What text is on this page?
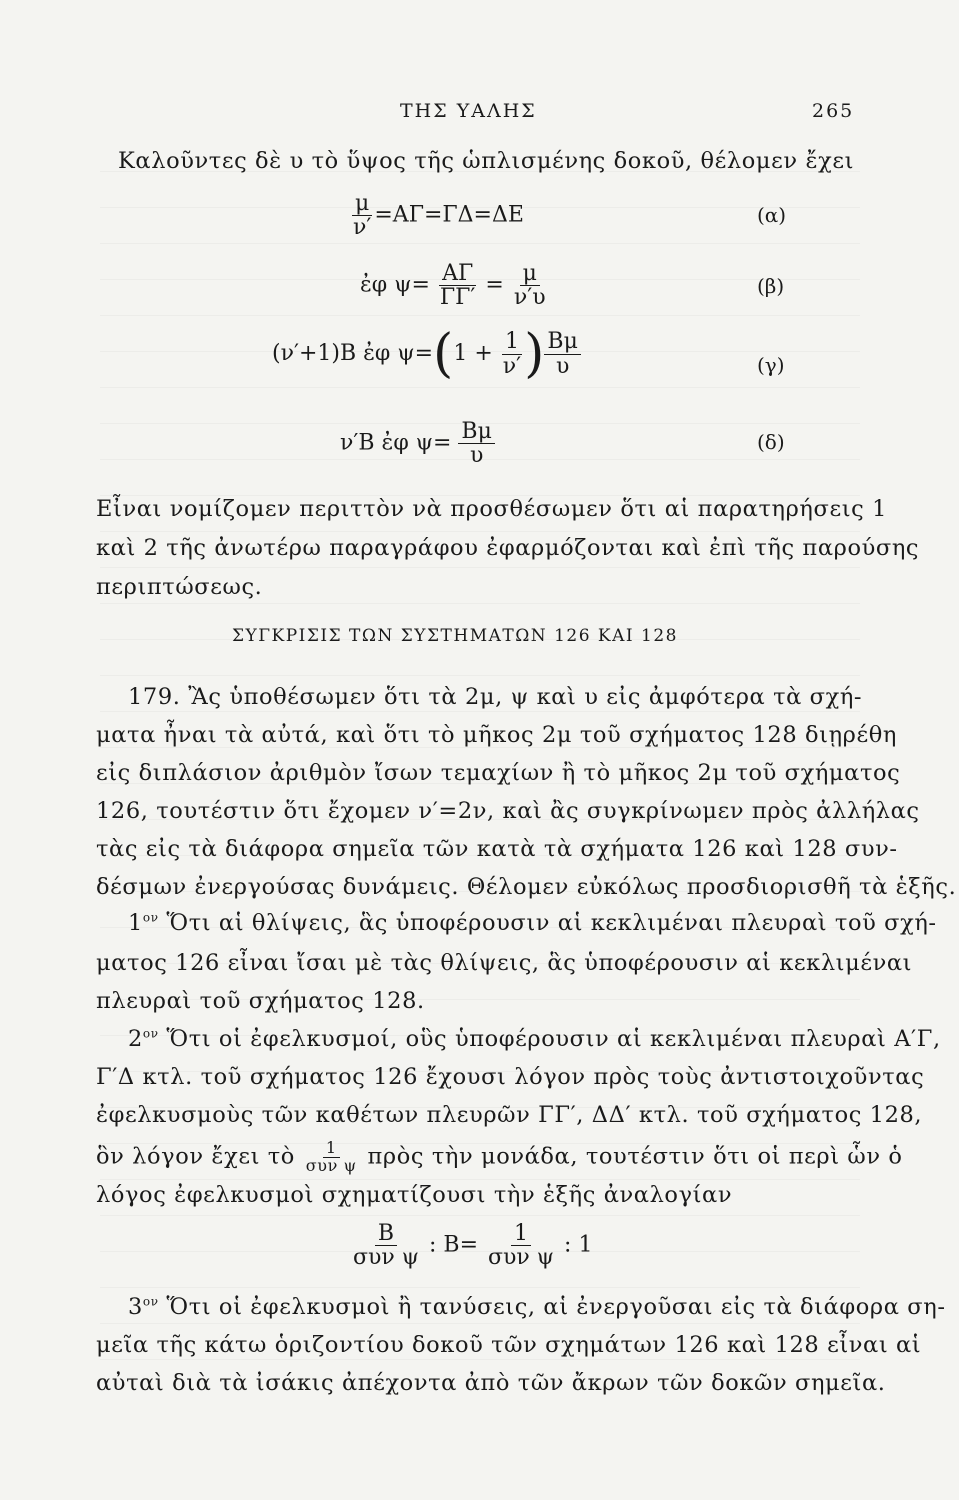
ΤΗΣ ΥΑΛΗΣ	265
Καλοῦντες δὲ υ τὸ ὕψος τῆς ὡπλισμένης δοκοῦ, θέλομεν ἔχει
$\frac{\mu}{\nu'} =A\Gamma=\Gamma\Delta=\Delta E$	(α)
ἐφ $\psi= \frac{A\Gamma}{\Gamma\Gamma'} = \frac{\mu}{\nu'\upsilon}$	(β)
(ν′+1)Β ἐφ $\psi=(1 + \frac{1}{\nu'}$ ) $\frac{B\mu}{\upsilon}$	(γ)
ν′Β ἐφ $\psi= \frac{B\mu}{\upsilon}$	(δ)
Εἶναι νομίζομεν περιττὸν νὰ προσθέσωμεν ὅτι αἱ παρατηρήσεις 1
καὶ 2 τῆς ἀνωτέρω παραγράφου ἐφαρμόζονται καὶ ἐπὶ τῆς παρούσης
περιπτώσεως.
ΣΥΓΚΡΙΣΙΣ ΤΩΝ ΣΥΣΤΗΜΑΤΩΝ 126 ΚΑΙ 128
179. Ἂς ὑποθέσωμεν ὅτι τὰ 2μ, ψ καὶ υ εἰς ἀμφότερα τὰ σχή-
ματα ἦναι τὰ αὐτά, καὶ ὅτι τὸ μῆκος 2μ τοῦ σχήματος 128 διῃρέθη
εἰς διπλάσιον ἀριθμὸν ἴσων τεμαχίων ἢ τὸ μῆκος 2μ τοῦ σχήματος
126, τουτέστιν ὅτι ἔχομεν ν′=2ν, καὶ ἂς συγκρίνωμεν πρὸς ἀλλήλας
τὰς εἰς τὰ διάφορα σημεῖα τῶν κατὰ τὰ σχήματα 126 καὶ 128 συν-
δέσμων ἐνεργούσας δυνάμεις. Θέλομεν εὐκόλως προσδιορισθῆ τὰ ἑξῆς.
$1^{o\nu}$ Ὅτι αἱ θλίψεις, ἃς ὑποφέρουσιν αἱ κεκλιμέναι πλευραὶ τοῦ σχή-
ματος 126 εἶναι ἴσαι μὲ τὰς θλίψεις, ἃς ὑποφέρουσιν αἱ κεκλιμέναι
πλευραὶ τοῦ σχήματος 128.
$2^{o\nu}$ Ὅτι οἱ ἐφελκυσμοί, οὓς ὑποφέρουσιν αἱ κεκλιμέναι πλευραὶ Α′Γ,
Γ′Δ κτλ. τοῦ σχήματος 126 ἔχουσι λόγον πρὸς τοὺς ἀντιστοιχοῦντας
ἐφελκυσμοὺς τῶν καθέτων πλευρῶν ΓΓ′, ΔΔ′ κτλ. τοῦ σχήματος 128,
ὃν λόγον ἔχει τὸ $\frac{1}{\text{συν ψ}}$ πρὸς τὴν μονάδα, τουτέστιν ὅτι οἱ περὶ ὧν ὁ
λόγος ἐφελκυσμοὶ σχηματίζουσι τὴν ἑξῆς ἀναλογίαν
$\frac{B}{\text{συν ψ}}$ : $B= \frac{1}{\text{συν ψ}}$ : 1
$3^{o\nu}$ Ὅτι οἱ ἐφελκυσμοὶ ἢ τανύσεις, αἱ ἐνεργοῦσαι εἰς τὰ διάφορα ση-
μεῖα τῆς κάτω ὁριζοντίου δοκοῦ τῶν σχημάτων 126 καὶ 128 εἶναι αἱ
αὐταὶ διὰ τὰ ἰσάκις ἀπέχοντα ἀπὸ τῶν ἄκρων τῶν δοκῶν σημεῖα.
